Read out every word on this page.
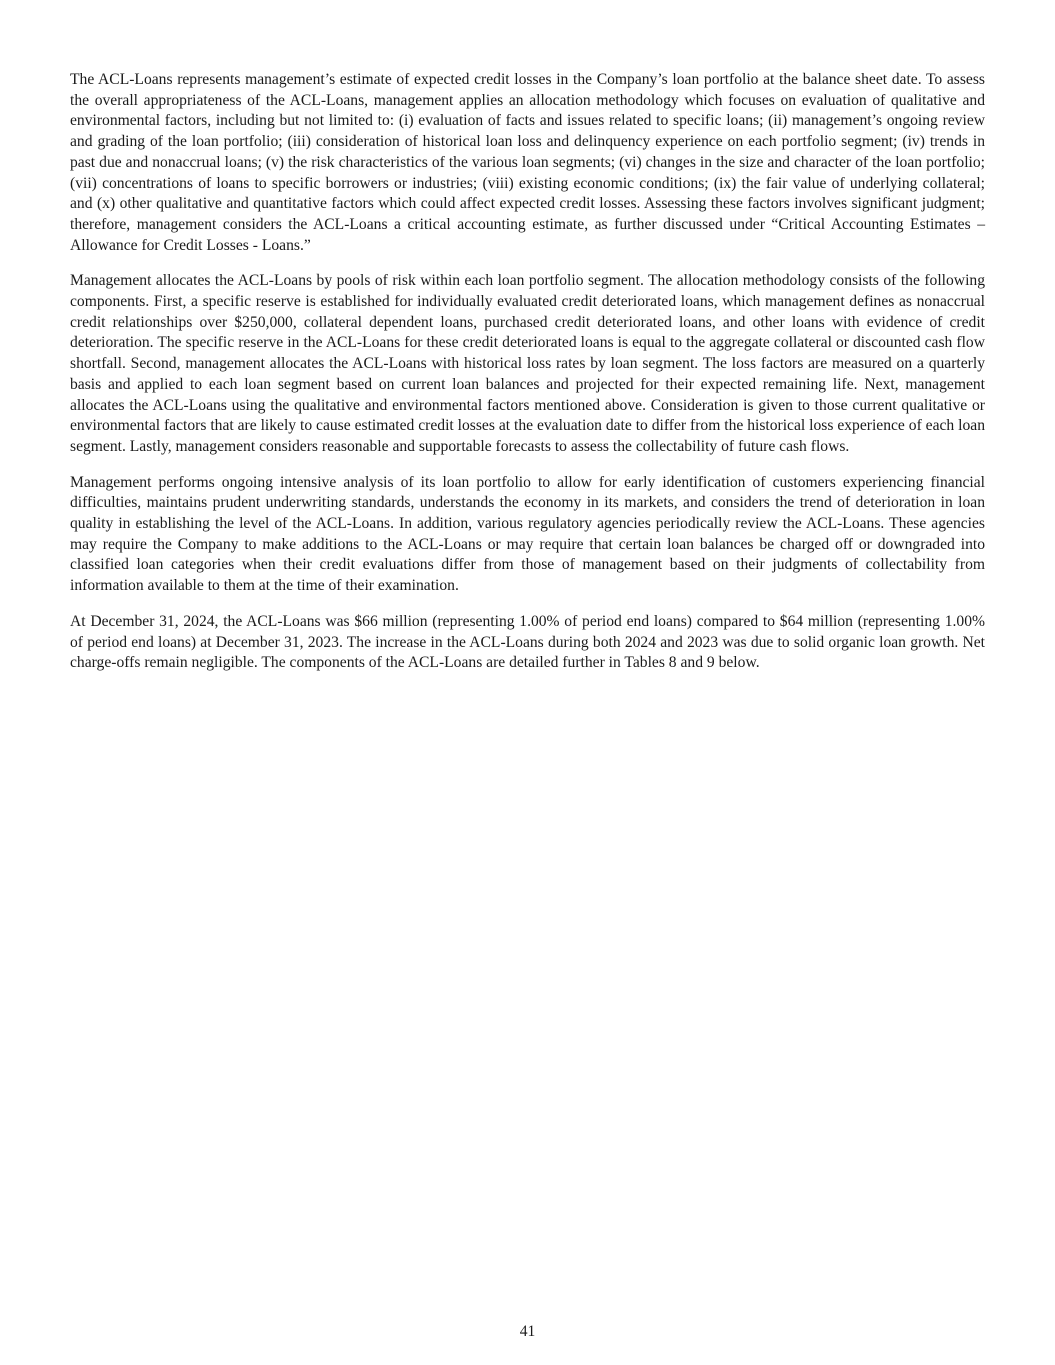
The ACL-Loans represents management’s estimate of expected credit losses in the Company’s loan portfolio at the balance sheet date. To assess the overall appropriateness of the ACL-Loans, management applies an allocation methodology which focuses on evaluation of qualitative and environmental factors, including but not limited to: (i) evaluation of facts and issues related to specific loans; (ii) management’s ongoing review and grading of the loan portfolio; (iii) consideration of historical loan loss and delinquency experience on each portfolio segment; (iv) trends in past due and nonaccrual loans; (v) the risk characteristics of the various loan segments; (vi) changes in the size and character of the loan portfolio; (vii) concentrations of loans to specific borrowers or industries; (viii) existing economic conditions; (ix) the fair value of underlying collateral; and (x) other qualitative and quantitative factors which could affect expected credit losses. Assessing these factors involves significant judgment; therefore, management considers the ACL-Loans a critical accounting estimate, as further discussed under “Critical Accounting Estimates – Allowance for Credit Losses - Loans.”

Management allocates the ACL-Loans by pools of risk within each loan portfolio segment. The allocation methodology consists of the following components. First, a specific reserve is established for individually evaluated credit deteriorated loans, which management defines as nonaccrual credit relationships over $250,000, collateral dependent loans, purchased credit deteriorated loans, and other loans with evidence of credit deterioration. The specific reserve in the ACL-Loans for these credit deteriorated loans is equal to the aggregate collateral or discounted cash flow shortfall. Second, management allocates the ACL-Loans with historical loss rates by loan segment. The loss factors are measured on a quarterly basis and applied to each loan segment based on current loan balances and projected for their expected remaining life. Next, management allocates the ACL-Loans using the qualitative and environmental factors mentioned above. Consideration is given to those current qualitative or environmental factors that are likely to cause estimated credit losses at the evaluation date to differ from the historical loss experience of each loan segment. Lastly, management considers reasonable and supportable forecasts to assess the collectability of future cash flows.

Management performs ongoing intensive analysis of its loan portfolio to allow for early identification of customers experiencing financial difficulties, maintains prudent underwriting standards, understands the economy in its markets, and considers the trend of deterioration in loan quality in establishing the level of the ACL-Loans. In addition, various regulatory agencies periodically review the ACL-Loans. These agencies may require the Company to make additions to the ACL-Loans or may require that certain loan balances be charged off or downgraded into classified loan categories when their credit evaluations differ from those of management based on their judgments of collectability from information available to them at the time of their examination.

At December 31, 2024, the ACL-Loans was $66 million (representing 1.00% of period end loans) compared to $64 million (representing 1.00% of period end loans) at December 31, 2023. The increase in the ACL-Loans during both 2024 and 2023 was due to solid organic loan growth. Net charge-offs remain negligible. The components of the ACL-Loans are detailed further in Tables 8 and 9 below.

41
